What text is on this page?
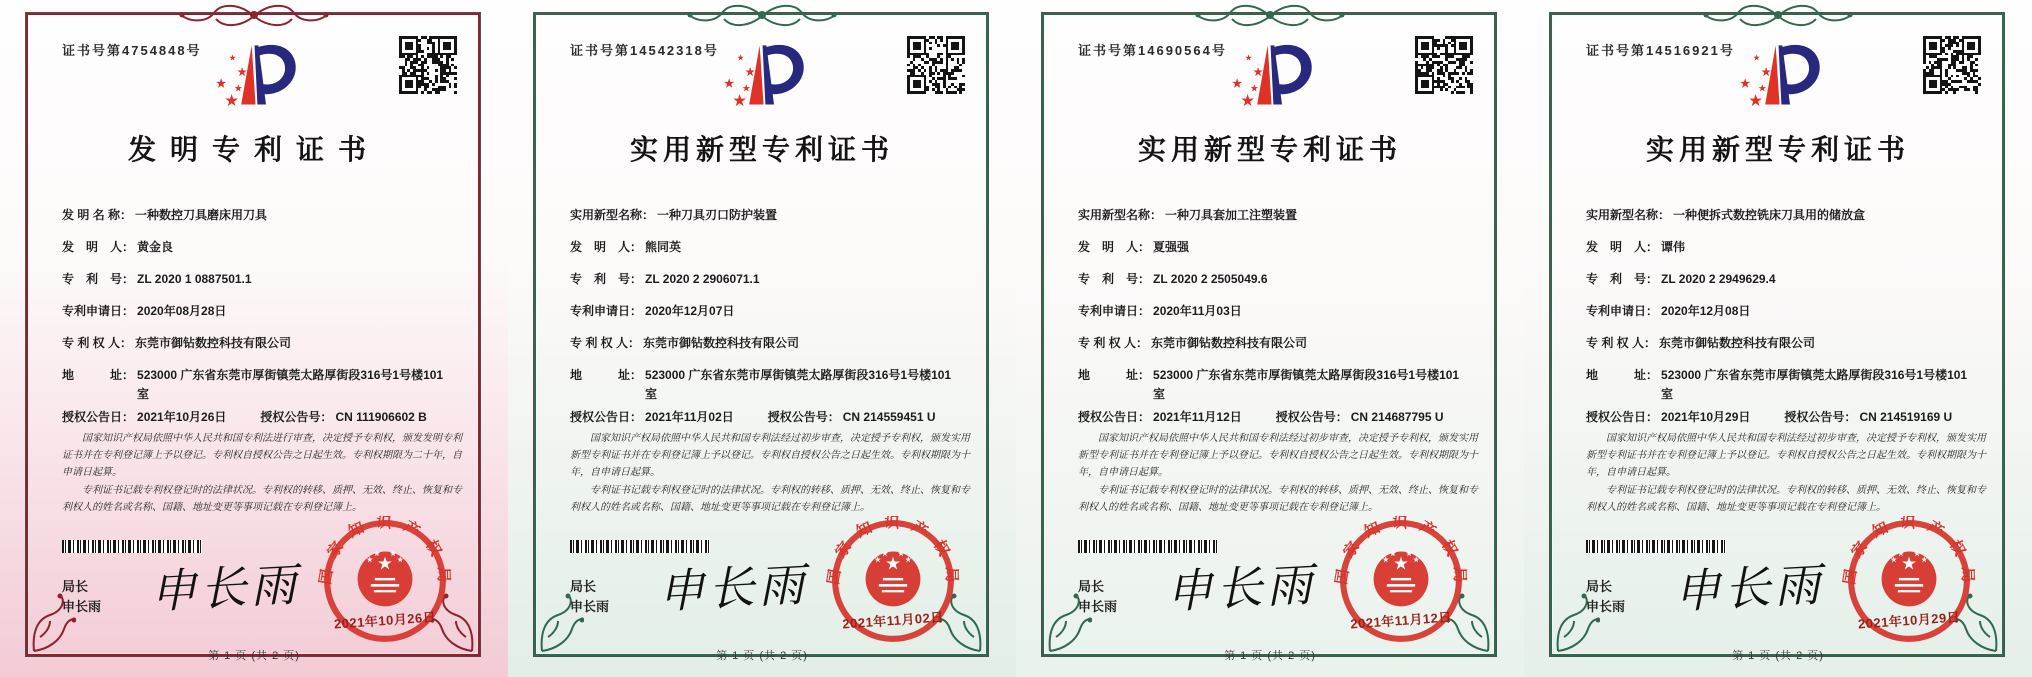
证书号第4754848号
发明专利证书
发 明 名 称： 一种数控刀具磨床用刀具
发　明　人： 黄金良
专　利　号： ZL 2020 1 0887501.1
专利申请日： 2020年08月28日
专 利 权 人： 东莞市御钻数控科技有限公司
地　　　址： 523000 广东省东莞市厚街镇莞太路厚街段316号1号楼101
室
授权公告日： 2021年10月26日	授权公告号： CN 111906602 B

国家知识产权局依照中华人民共和国专利法进行审查，决定授予专利权，颁发发明专利证书并在专利登记簿上予以登记。专利权自授权公告之日起生效。专利权期限为二十年，自申请日起算。

专利证书记载专利权登记时的法律状况。专利权的转移、质押、无效、终止、恢复和专利权人的姓名或名称、国籍、地址变更等事项记载在专利登记簿上。

局长
申长雨 申长雨 国家知识产权局
2021年10月26日
第 1 页 (共 2 页)
证书号第14542318号
实用新型专利证书
实用新型名称： 一种刀具刃口防护装置
发　明　人： 熊同英
专　利　号： ZL 2020 2 2906071.1
专利申请日： 2020年12月07日
专 利 权 人： 东莞市御钻数控科技有限公司
地　　　址： 523000 广东省东莞市厚街镇莞太路厚街段316号1号楼101
室
授权公告日： 2021年11月02日	授权公告号： CN 214559451 U

国家知识产权局依照中华人民共和国专利法经过初步审查，决定授予专利权，颁发实用新型专利证书并在专利登记簿上予以登记。专利权自授权公告之日起生效。专利权期限为十年，自申请日起算。

专利证书记载专利权登记时的法律状况。专利权的转移、质押、无效、终止、恢复和专利权人的姓名或名称、国籍、地址变更等事项记载在专利登记簿上。

局长
申长雨 申长雨 国家知识产权局
2021年11月02日
第 1 页 (共 2 页)
证书号第14690564号
实用新型专利证书
实用新型名称： 一种刀具套加工注塑装置
发　明　人： 夏强强
专　利　号： ZL 2020 2 2505049.6
专利申请日： 2020年11月03日
专 利 权 人： 东莞市御钻数控科技有限公司
地　　　址： 523000 广东省东莞市厚街镇莞太路厚街段316号1号楼101
室
授权公告日： 2021年11月12日	授权公告号： CN 214687795 U

国家知识产权局依照中华人民共和国专利法经过初步审查，决定授予专利权，颁发实用新型专利证书并在专利登记簿上予以登记。专利权自授权公告之日起生效。专利权期限为十年，自申请日起算。

专利证书记载专利权登记时的法律状况。专利权的转移、质押、无效、终止、恢复和专利权人的姓名或名称、国籍、地址变更等事项记载在专利登记簿上。

局长
申长雨 申长雨 国家知识产权局
2021年11月12日
第 1 页 (共 2 页)
证书号第14516921号
实用新型专利证书
实用新型名称： 一种便拆式数控铣床刀具用的储放盒
发　明　人： 谭伟
专　利　号： ZL 2020 2 2949629.4
专利申请日： 2020年12月08日
专 利 权 人： 东莞市御钻数控科技有限公司
地　　　址： 523000 广东省东莞市厚街镇莞太路厚街段316号1号楼101
室
授权公告日： 2021年10月29日	授权公告号： CN 214519169 U

国家知识产权局依照中华人民共和国专利法经过初步审查，决定授予专利权，颁发实用新型专利证书并在专利登记簿上予以登记。专利权自授权公告之日起生效。专利权期限为十年，自申请日起算。

专利证书记载专利权登记时的法律状况。专利权的转移、质押、无效、终止、恢复和专利权人的姓名或名称、国籍、地址变更等事项记载在专利登记簿上。

局长
申长雨 申长雨 国家知识产权局
2021年10月29日
第 1 页 (共 2 页)
